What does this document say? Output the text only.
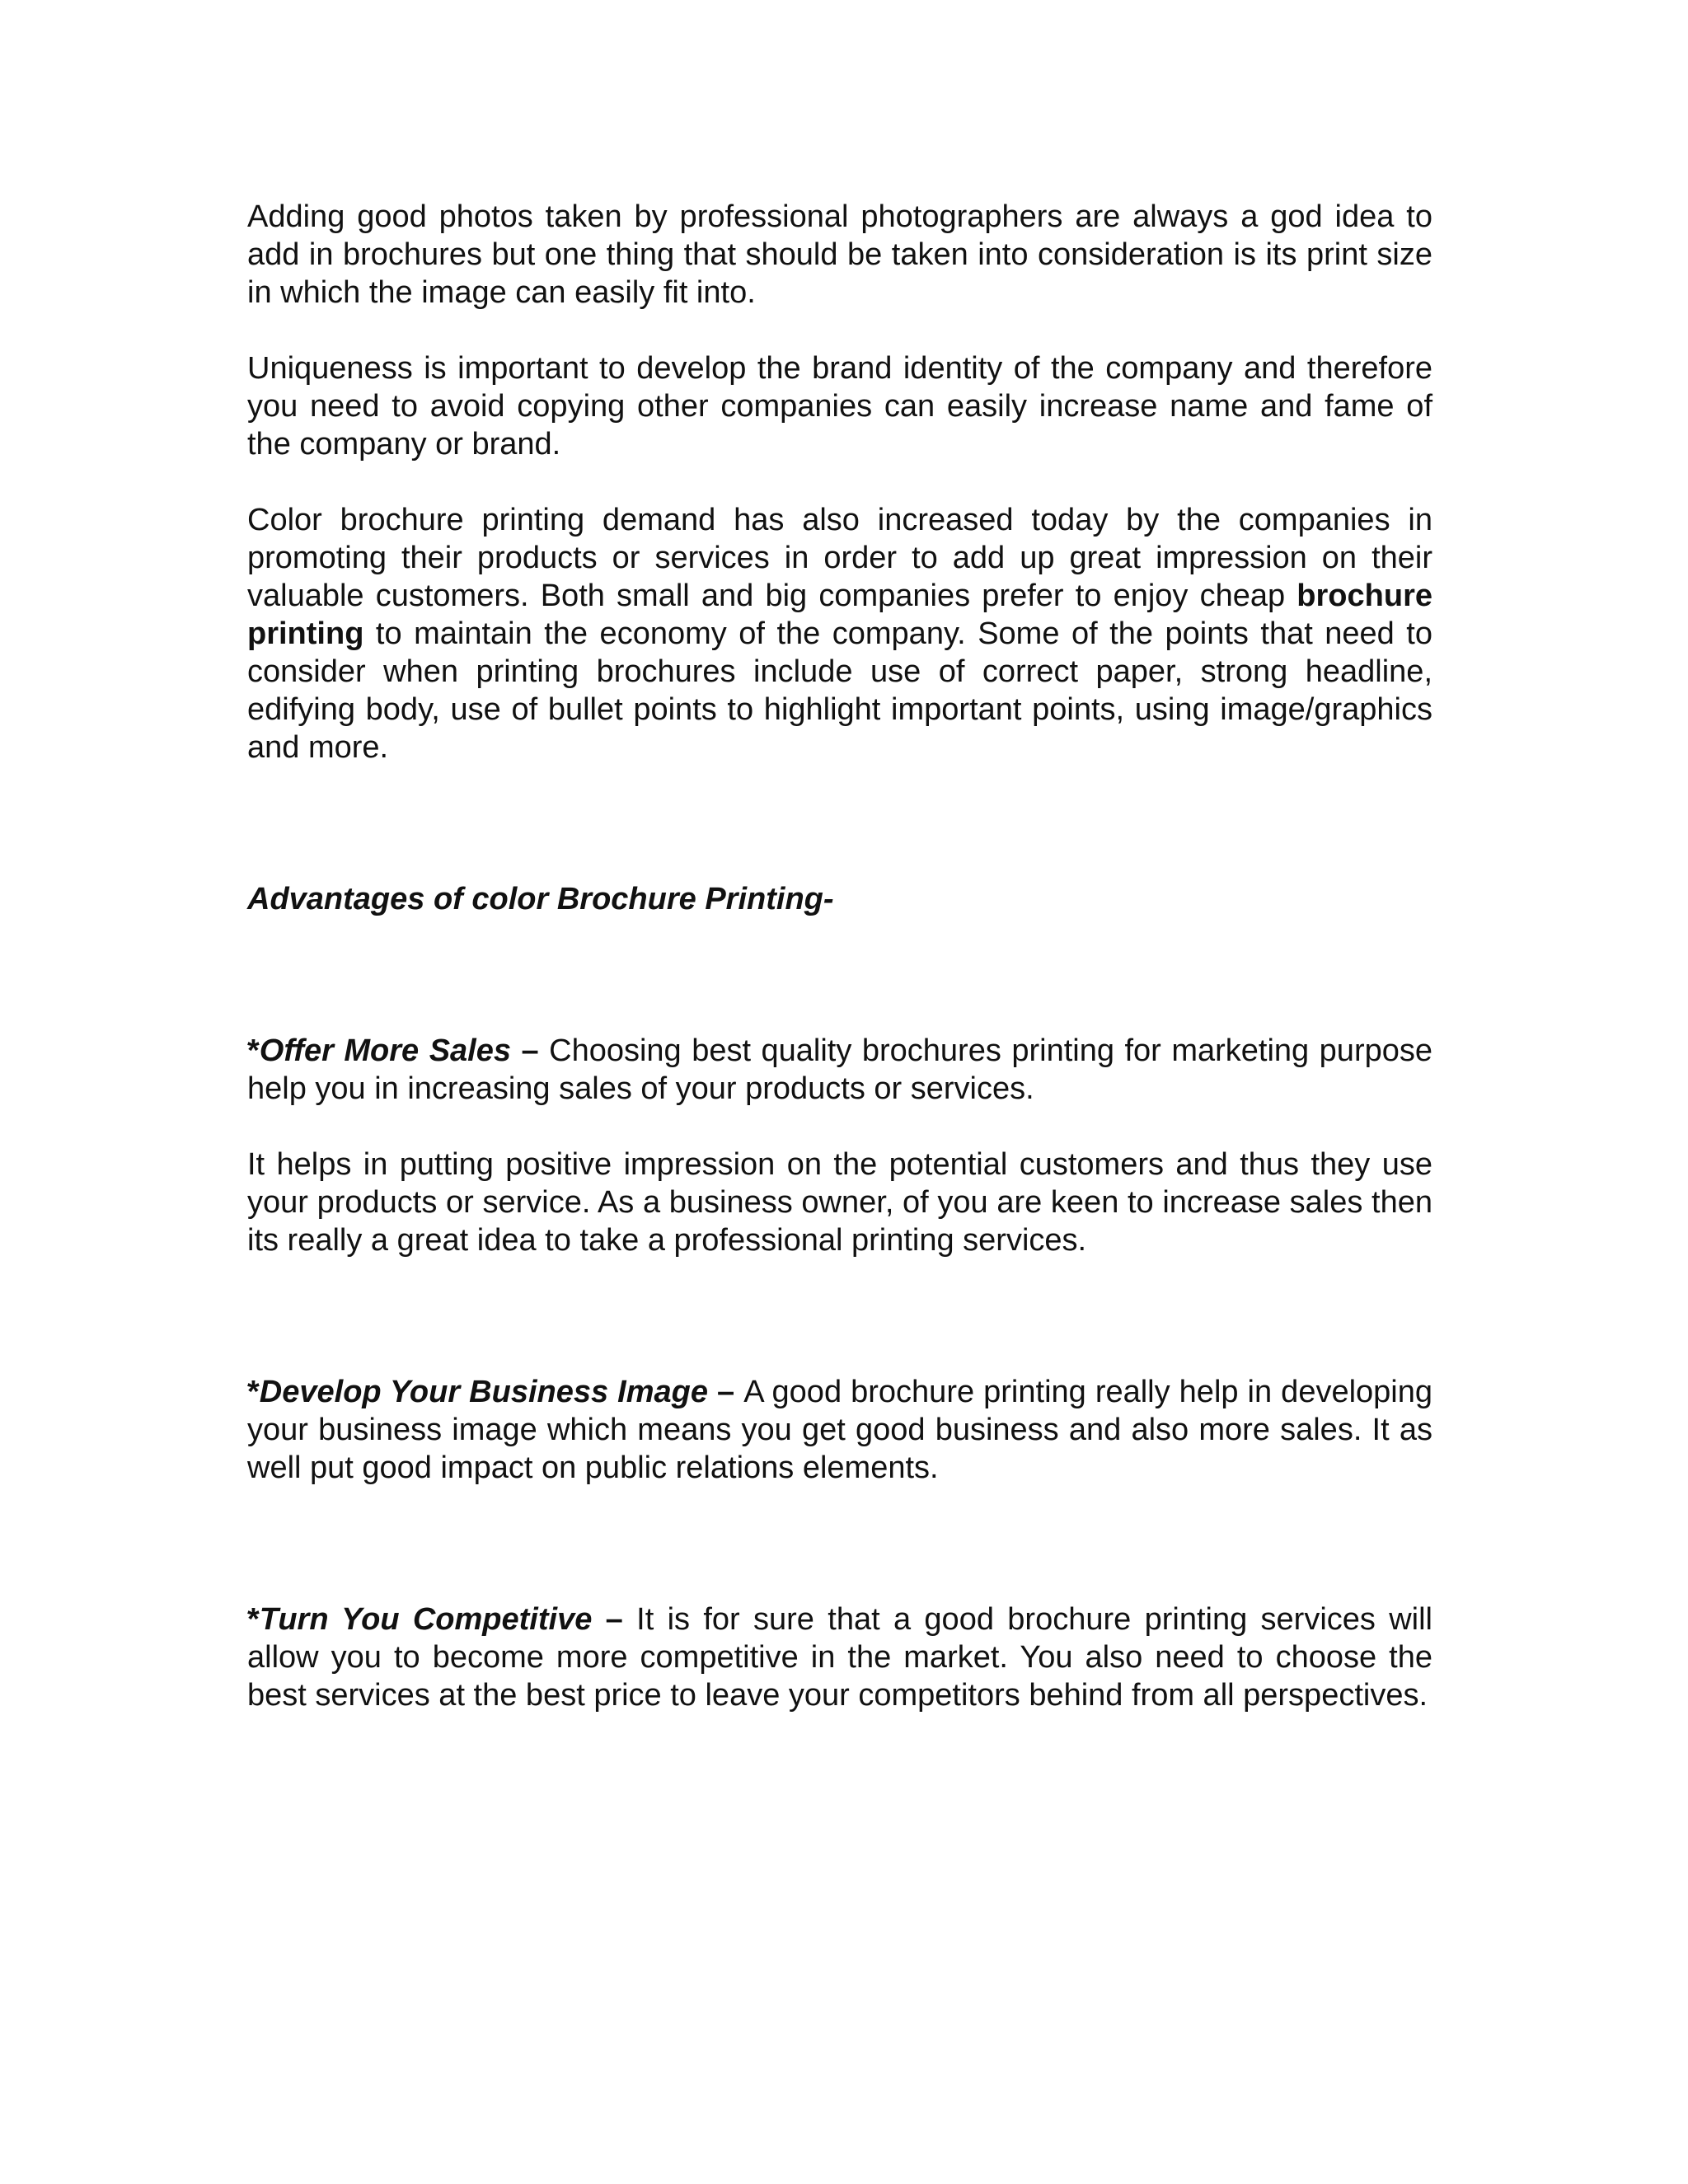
Adding good photos taken by professional photographers are always a god idea to add in brochures but one thing that should be taken into consideration is its print size in which the image can easily fit into.

Uniqueness is important to develop the brand identity of the company and therefore you need to avoid copying other companies can easily increase name and fame of the company or brand.

Color brochure printing demand has also increased today by the companies in promoting their products or services in order to add up great impression on their valuable customers. Both small and big companies prefer to enjoy cheap brochure printing to maintain the economy of the company. Some of the points that need to consider when printing brochures include use of correct paper, strong headline, edifying body, use of bullet points to highlight important points, using image/graphics and more.

Advantages of color Brochure Printing-

*Offer More Sales – Choosing best quality brochures printing for marketing purpose help you in increasing sales of your products or services.

It helps in putting positive impression on the potential customers and thus they use your products or service. As a business owner, of you are keen to increase sales then its really a great idea to take a professional printing services.

*Develop Your Business Image – A good brochure printing really help in developing your business image which means you get good business and also more sales. It as well put good impact on public relations elements.

*Turn You Competitive – It is for sure that a good brochure printing services will allow you to become more competitive in the market. You also need to choose the best services at the best price to leave your competitors behind from all perspectives.
